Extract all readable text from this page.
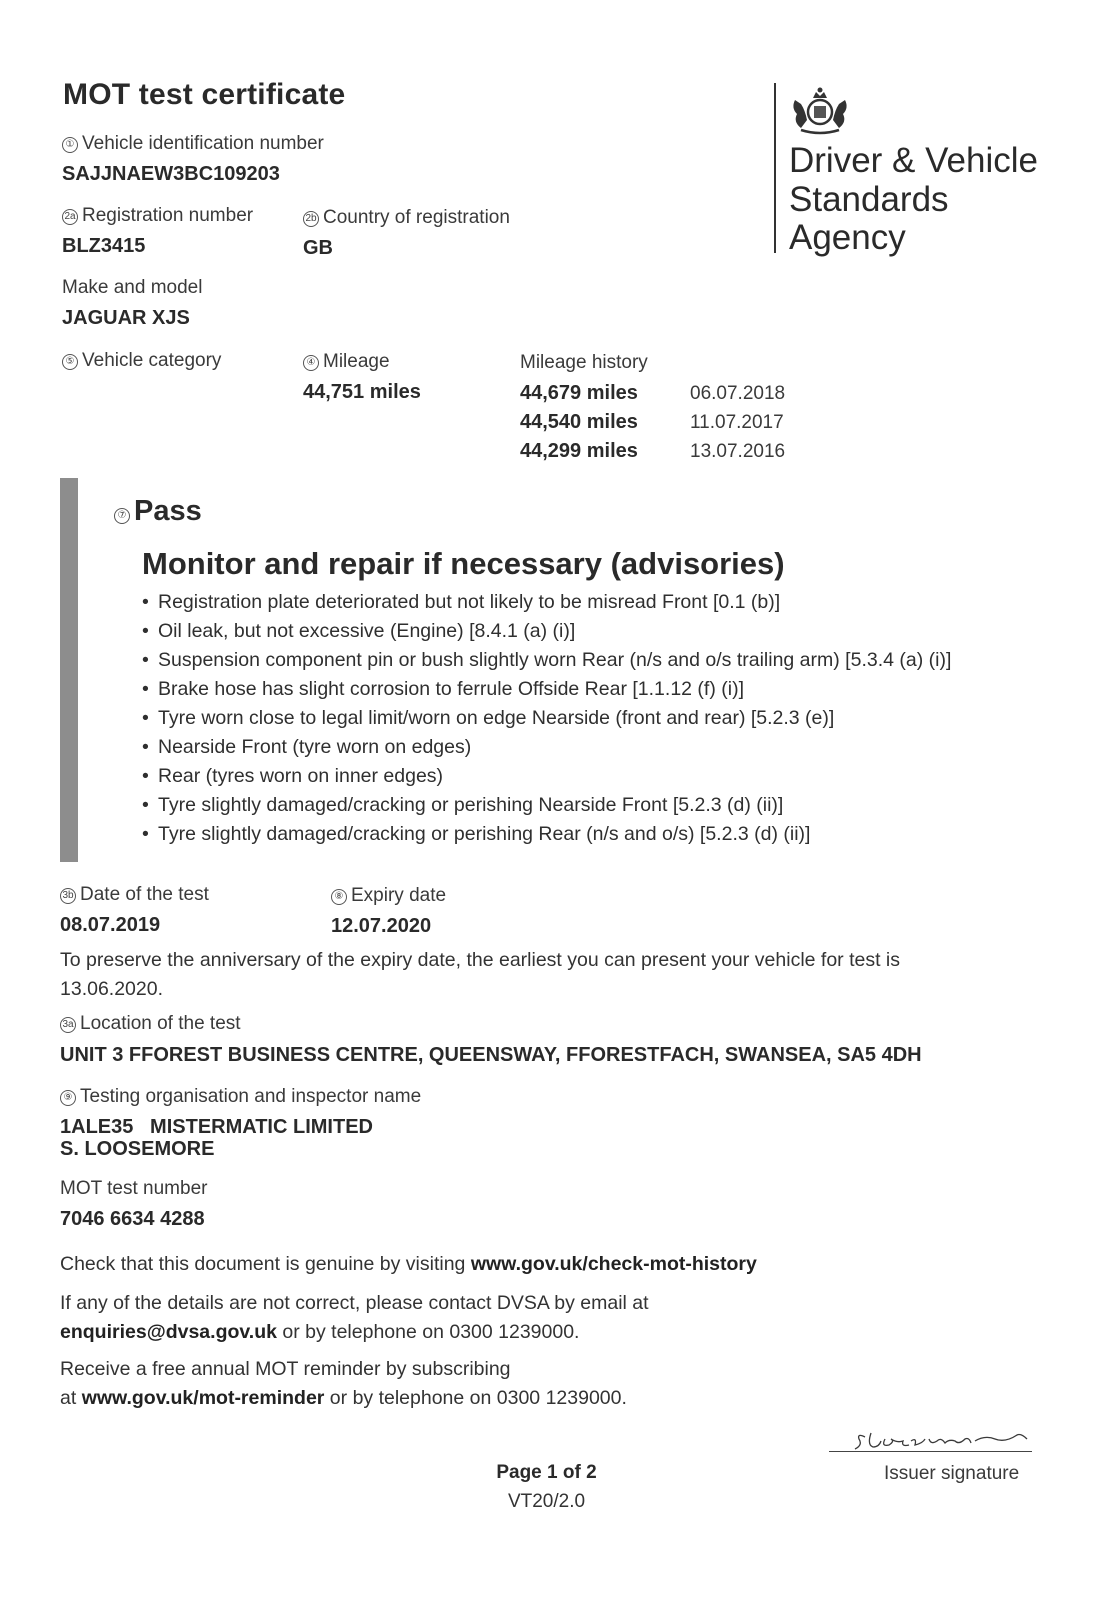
MOT test certificate
Driver & Vehicle
Standards
Agency
① Vehicle identification number
SAJJNAEW3BC109203
2a Registration number
BLZ3415
2b Country of registration
GB
Make and model
JAGUAR XJS
⑤ Vehicle category	④ Mileage
44,751 miles
Mileage history
44,679 miles	06.07.2018
44,540 miles	11.07.2017
44,299 miles	13.07.2016
⑦ Pass
Monitor and repair if necessary (advisories)
• Registration plate deteriorated but not likely to be misread Front [0.1 (b)]
• Oil leak, but not excessive (Engine) [8.4.1 (a) (i)]
• Suspension component pin or bush slightly worn Rear (n/s and o/s trailing arm) [5.3.4 (a) (i)]
• Brake hose has slight corrosion to ferrule Offside Rear [1.1.12 (f) (i)]
• Tyre worn close to legal limit/worn on edge Nearside (front and rear) [5.2.3 (e)]
• Nearside Front (tyre worn on edges)
• Rear (tyres worn on inner edges)
• Tyre slightly damaged/cracking or perishing Nearside Front [5.2.3 (d) (ii)]
• Tyre slightly damaged/cracking or perishing Rear (n/s and o/s) [5.2.3 (d) (ii)]
3b Date of the test
08.07.2019
⑧ Expiry date
12.07.2020
To preserve the anniversary of the expiry date, the earliest you can present your vehicle for test is
13.06.2020.
3a Location of the test
UNIT 3 FFOREST BUSINESS CENTRE, QUEENSWAY, FFORESTFACH, SWANSEA, SA5 4DH
⑨ Testing organisation and inspector name
1ALE35   MISTERMATIC LIMITED
S. LOOSEMORE
MOT test number
7046 6634 4288
Check that this document is genuine by visiting www.gov.uk/check-mot-history
If any of the details are not correct, please contact DVSA by email at
enquiries@dvsa.gov.uk or by telephone on 0300 1239000.
Receive a free annual MOT reminder by subscribing
at www.gov.uk/mot-reminder or by telephone on 0300 1239000.
Page 1 of 2
VT20/2.0
Issuer signature
